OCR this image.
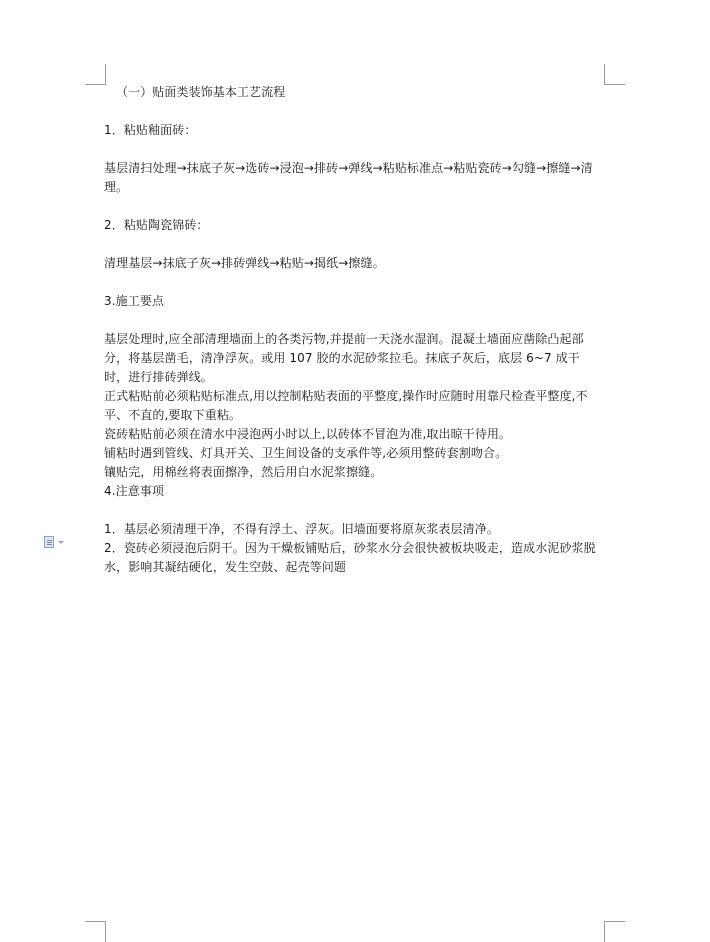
（一）贴面类装饰基本工艺流程

1．粘贴釉面砖：

基层清扫处理→抹底子灰→选砖→浸泡→排砖→弹线→粘贴标准点→粘贴瓷砖→勾缝→擦缝→清理。

2．粘贴陶瓷锦砖：

清理基层→抹底子灰→排砖弹线→粘贴→揭纸→擦缝。

3.施工要点

基层处理时,应全部清理墙面上的各类污物,并提前一天浇水湿润。混凝土墙面应凿除凸起部分，将基层凿毛，清净浮灰。或用 107 胶的水泥砂浆拉毛。抹底子灰后，底层 6~7 成干时，进行排砖弹线。

正式粘贴前必须粘贴标准点,用以控制粘贴表面的平整度,操作时应随时用靠尺检查平整度,不平、不直的,要取下重粘。

瓷砖粘贴前必须在清水中浸泡两小时以上,以砖体不冒泡为准,取出晾干待用。

铺粘时遇到管线、灯具开关、卫生间设备的支承件等,必须用整砖套割吻合。

镶贴完，用棉丝将表面擦净，然后用白水泥浆擦缝。

4.注意事项

1．基层必须清理干净，不得有浮土、浮灰。旧墙面要将原灰浆表层清净。

2．瓷砖必须浸泡后阴干。因为干燥板铺贴后，砂浆水分会很快被板块吸走，造成水泥砂浆脱水，影响其凝结硬化，发生空鼓、起壳等问题
